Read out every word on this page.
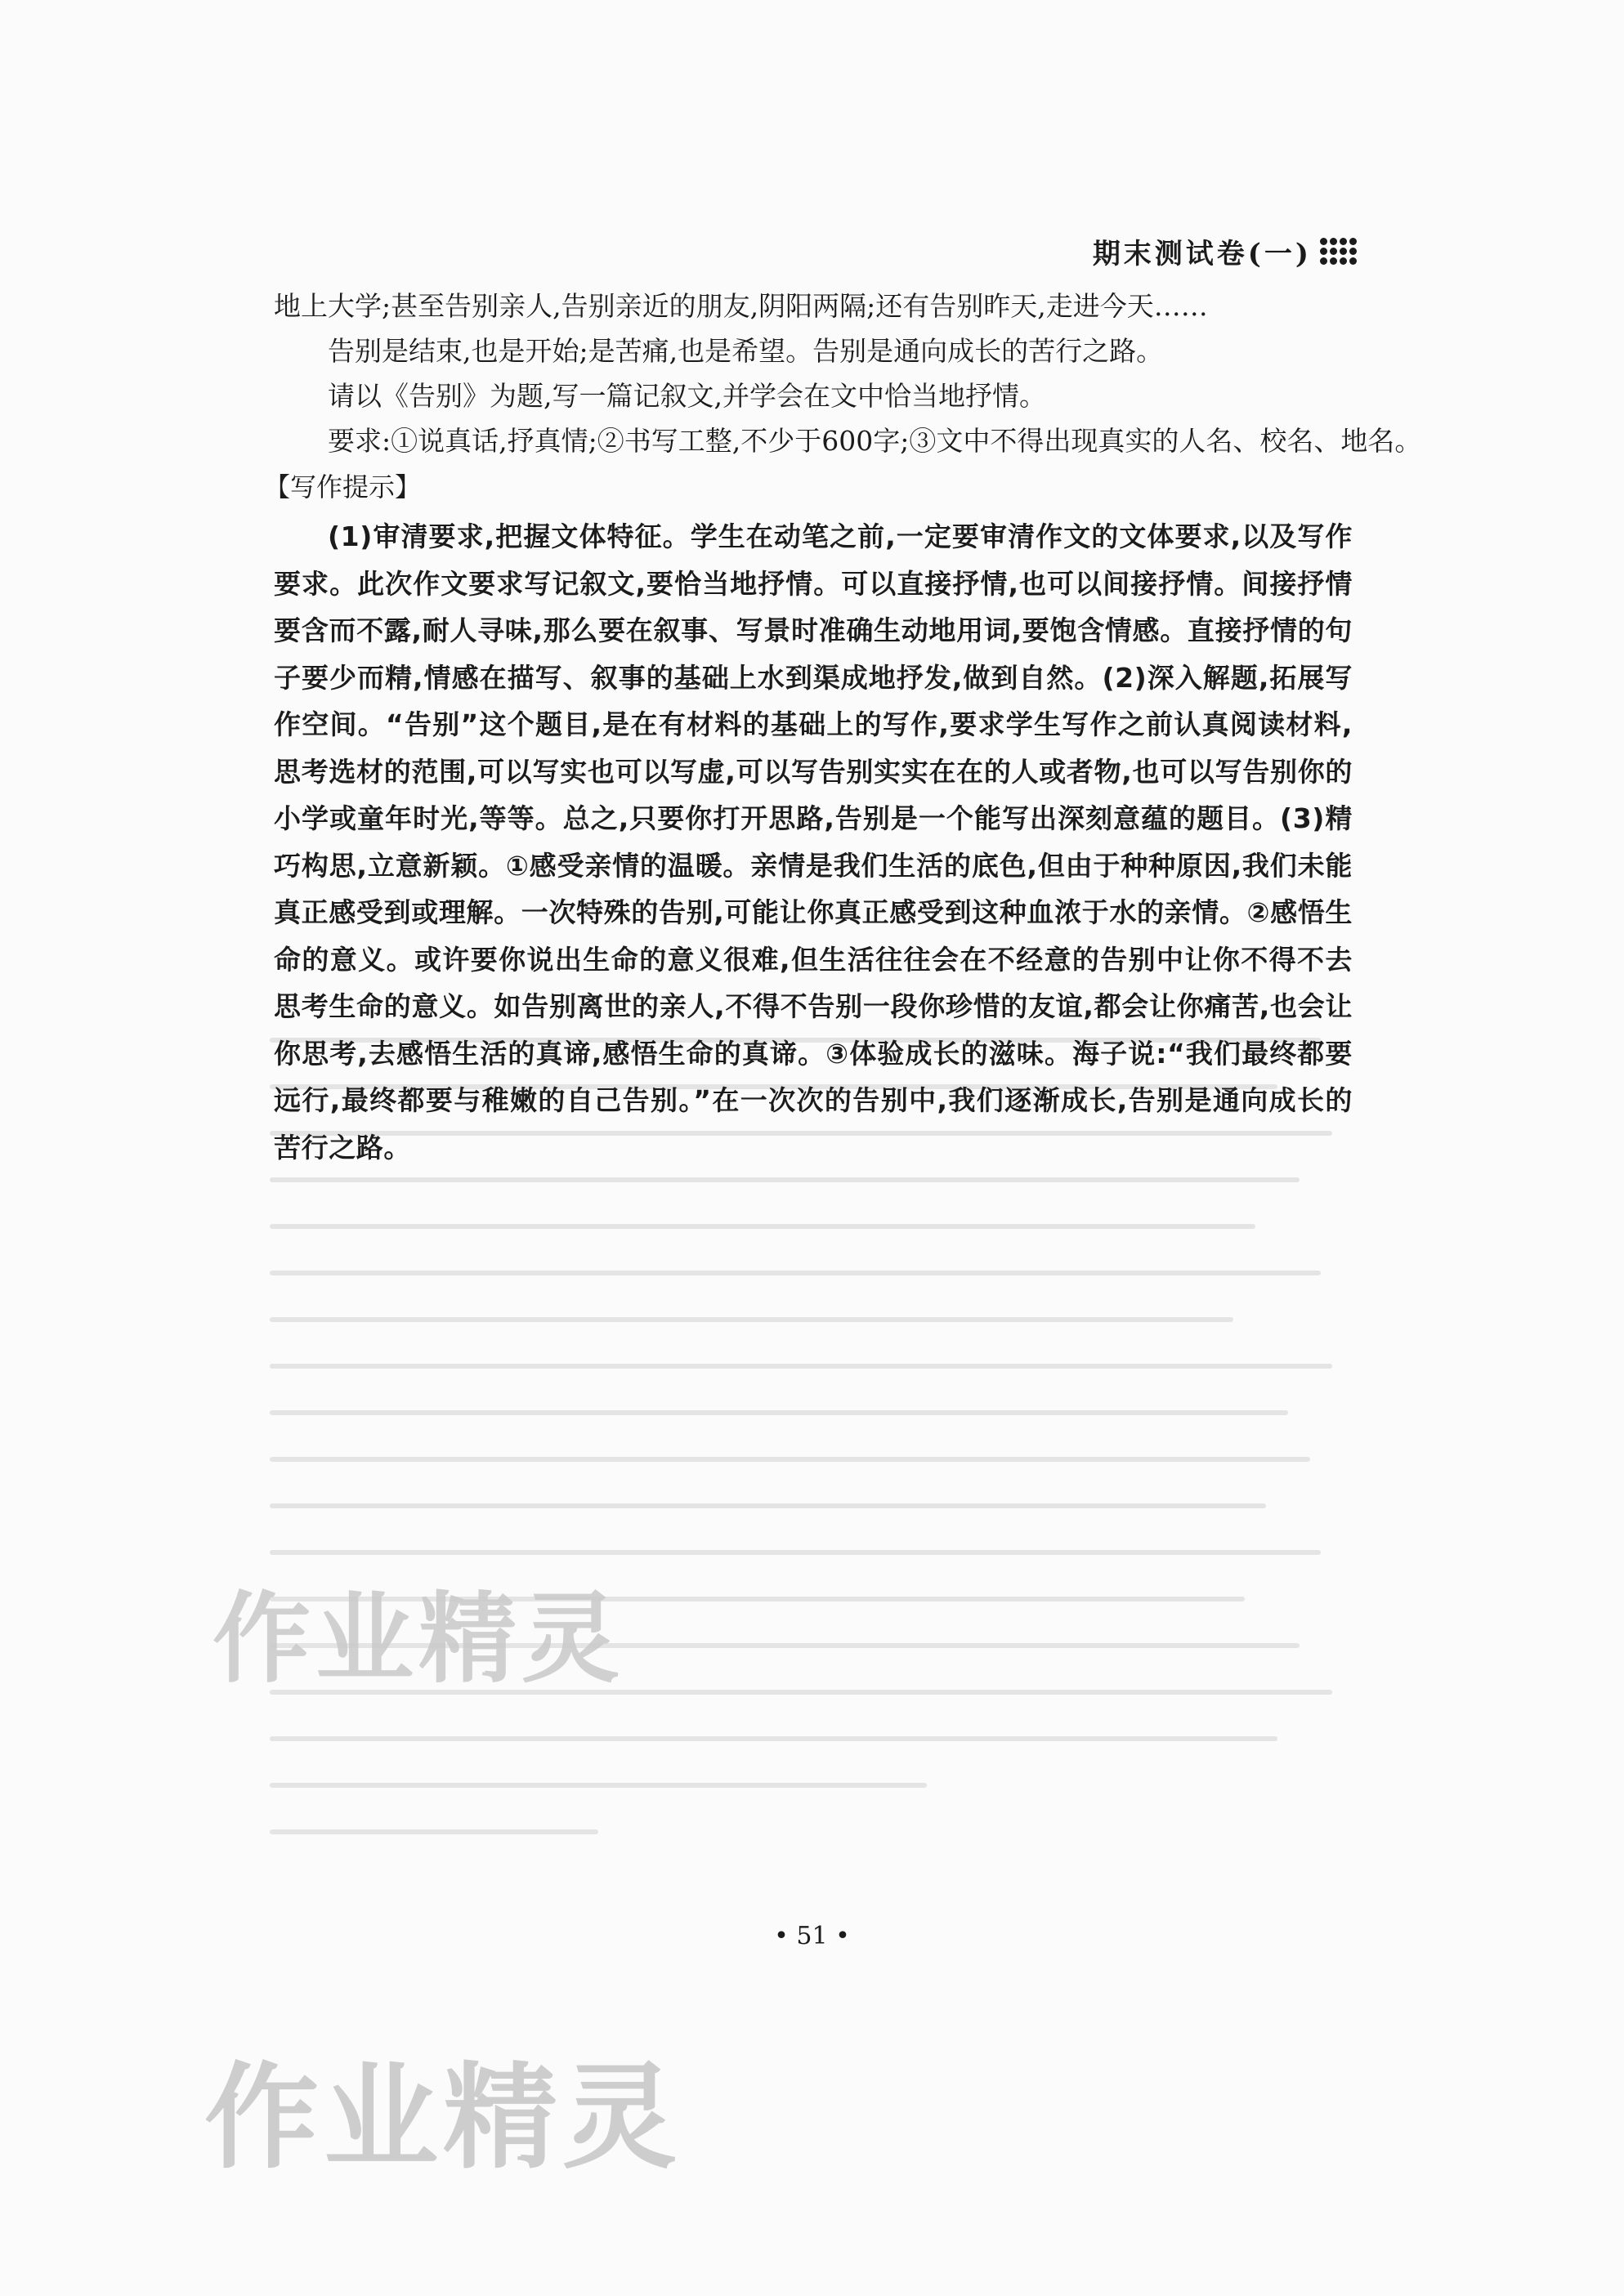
期末测试卷(一)
地上大学;甚至告别亲人,告别亲近的朋友,阴阳两隔;还有告别昨天,走进今天……
告别是结束,也是开始;是苦痛,也是希望。告别是通向成长的苦行之路。
请以《告别》为题,写一篇记叙文,并学会在文中恰当地抒情。
要求:①说真话,抒真情;②书写工整,不少于600字;③文中不得出现真实的人名、校名、地名。
【写作提示】
(1)审清要求,把握文体特征。学生在动笔之前,一定要审清作文的文体要求,以及写作要求。此次作文要求写记叙文,要恰当地抒情。可以直接抒情,也可以间接抒情。间接抒情要含而不露,耐人寻味,那么要在叙事、写景时准确生动地用词,要饱含情感。直接抒情的句子要少而精,情感在描写、叙事的基础上水到渠成地抒发,做到自然。(2)深入解题,拓展写作空间。“告别”这个题目,是在有材料的基础上的写作,要求学生写作之前认真阅读材料,思考选材的范围,可以写实也可以写虚,可以写告别实实在在的人或者物,也可以写告别你的小学或童年时光,等等。总之,只要你打开思路,告别是一个能写出深刻意蕴的题目。(3)精巧构思,立意新颖。①感受亲情的温暖。亲情是我们生活的底色,但由于种种原因,我们未能真正感受到或理解。一次特殊的告别,可能让你真正感受到这种血浓于水的亲情。②感悟生命的意义。或许要你说出生命的意义很难,但生活往往会在不经意的告别中让你不得不去思考生命的意义。如告别离世的亲人,不得不告别一段你珍惜的友谊,都会让你痛苦,也会让你思考,去感悟生活的真谛,感悟生命的真谛。③体验成长的滋味。海子说:“我们最终都要远行,最终都要与稚嫩的自己告别。”在一次次的告别中,我们逐渐成长,告别是通向成长的苦行之路。
作业精灵
作业精灵
• 51 •
